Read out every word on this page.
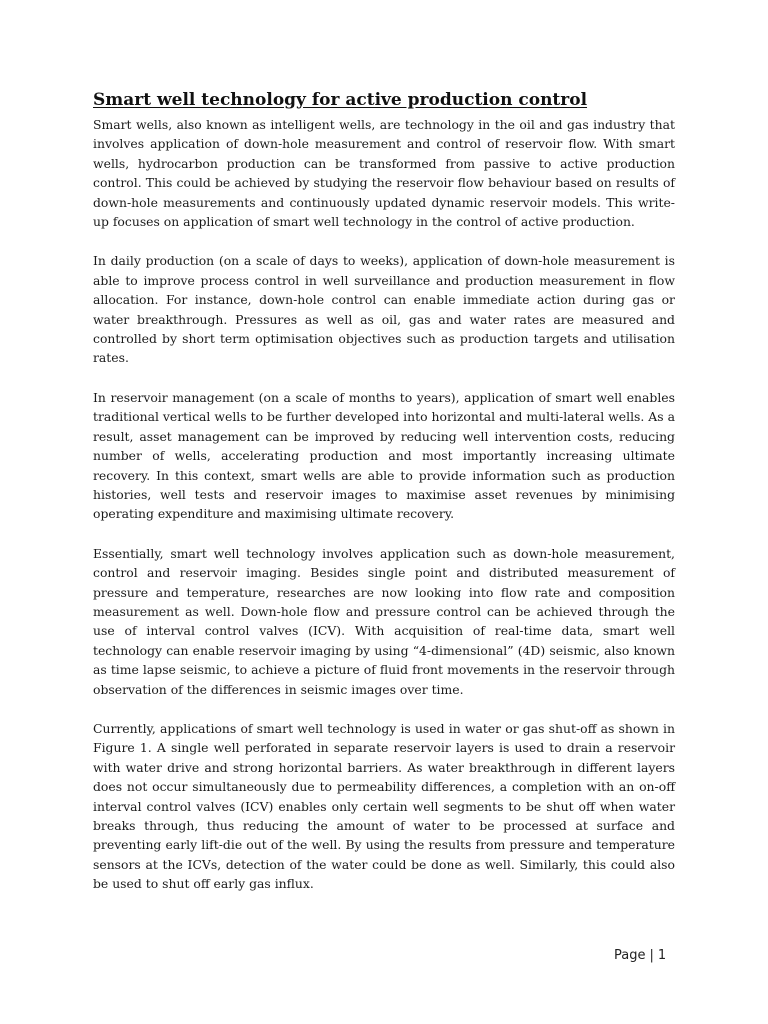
Smart well technology for active production control

Smart wells, also known as intelligent wells, are technology in the oil and gas industry that involves application of down-hole measurement and control of reservoir flow. With smart wells, hydrocarbon production can be transformed from passive to active production control. This could be achieved by studying the reservoir flow behaviour based on results of down-hole measurements and continuously updated dynamic reservoir models. This write-up focuses on application of smart well technology in the control of active production.

In daily production (on a scale of days to weeks), application of down-hole measurement is able to improve process control in well surveillance and production measurement in flow allocation. For instance, down-hole control can enable immediate action during gas or water breakthrough. Pressures as well as oil, gas and water rates are measured and controlled by short term optimisation objectives such as production targets and utilisation rates.

In reservoir management (on a scale of months to years), application of smart well enables traditional vertical wells to be further developed into horizontal and multi-lateral wells. As a result, asset management can be improved by reducing well intervention costs, reducing number of wells, accelerating production and most importantly increasing ultimate recovery. In this context, smart wells are able to provide information such as production histories, well tests and reservoir images to maximise asset revenues by minimising operating expenditure and maximising ultimate recovery.

Essentially, smart well technology involves application such as down-hole measurement, control and reservoir imaging. Besides single point and distributed measurement of pressure and temperature, researches are now looking into flow rate and composition measurement as well. Down-hole flow and pressure control can be achieved through the use of interval control valves (ICV). With acquisition of real-time data, smart well technology can enable reservoir imaging by using “4-dimensional” (4D) seismic, also known as time lapse seismic, to achieve a picture of fluid front movements in the reservoir through observation of the differences in seismic images over time.

Currently, applications of smart well technology is used in water or gas shut-off as shown in Figure 1. A single well perforated in separate reservoir layers is used to drain a reservoir with water drive and strong horizontal barriers. As water breakthrough in different layers does not occur simultaneously due to permeability differences, a completion with an on-off interval control valves (ICV) enables only certain well segments to be shut off when water breaks through, thus reducing the amount of water to be processed at surface and preventing early lift-die out of the well. By using the results from pressure and temperature sensors at the ICVs, detection of the water could be done as well. Similarly, this could also be used to shut off early gas influx.

Page | 1
